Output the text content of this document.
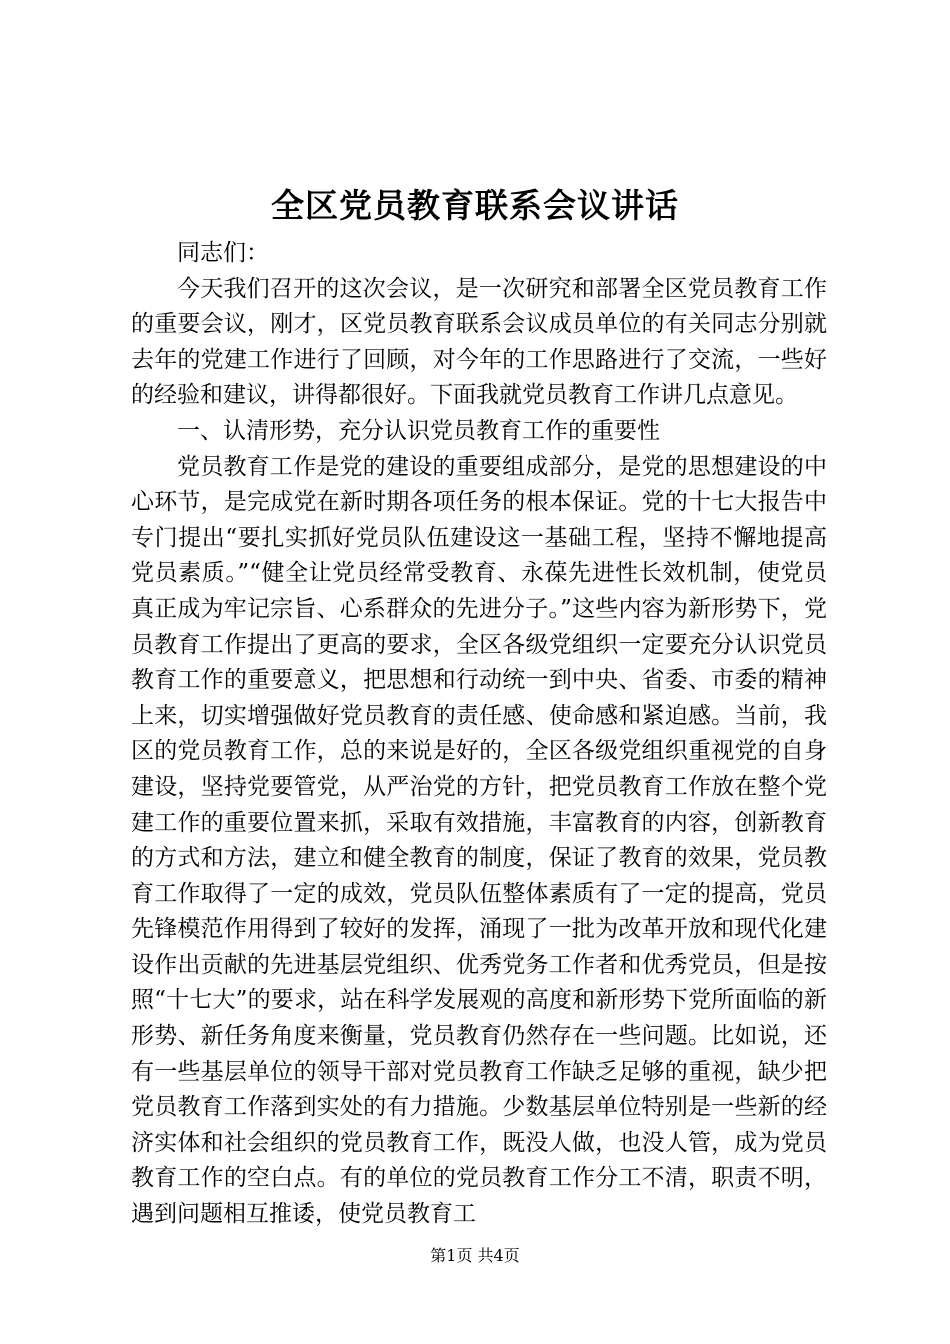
全区党员教育联系会议讲话

同志们：

今天我们召开的这次会议，是一次研究和部署全区党员教育工作的重要会议，刚才，区党员教育联系会议成员单位的有关同志分别就去年的党建工作进行了回顾，对今年的工作思路进行了交流，一些好的经验和建议，讲得都很好。下面我就党员教育工作讲几点意见。

一、认清形势，充分认识党员教育工作的重要性

党员教育工作是党的建设的重要组成部分，是党的思想建设的中心环节，是完成党在新时期各项任务的根本保证。党的十七大报告中专门提出“要扎实抓好党员队伍建设这一基础工程，坚持不懈地提高党员素质。”“健全让党员经常受教育、永葆先进性长效机制，使党员真正成为牢记宗旨、心系群众的先进分子。”这些内容为新形势下，党员教育工作提出了更高的要求，全区各级党组织一定要充分认识党员教育工作的重要意义，把思想和行动统一到中央、省委、市委的精神上来，切实增强做好党员教育的责任感、使命感和紧迫感。当前，我区的党员教育工作，总的来说是好的，全区各级党组织重视党的自身建设，坚持党要管党，从严治党的方针，把党员教育工作放在整个党建工作的重要位置来抓，采取有效措施，丰富教育的内容，创新教育的方式和方法，建立和健全教育的制度，保证了教育的效果，党员教育工作取得了一定的成效，党员队伍整体素质有了一定的提高，党员先锋模范作用得到了较好的发挥，涌现了一批为改革开放和现代化建设作出贡献的先进基层党组织、优秀党务工作者和优秀党员，但是按照“十七大”的要求，站在科学发展观的高度和新形势下党所面临的新形势、新任务角度来衡量，党员教育仍然存在一些问题。比如说，还有一些基层单位的领导干部对党员教育工作缺乏足够的重视，缺少把党员教育工作落到实处的有力措施。少数基层单位特别是一些新的经济实体和社会组织的党员教育工作，既没人做，也没人管，成为党员教育工作的空白点。有的单位的党员教育工作分工不清，职责不明，遇到问题相互推诿，使党员教育工

第1页 共4页
